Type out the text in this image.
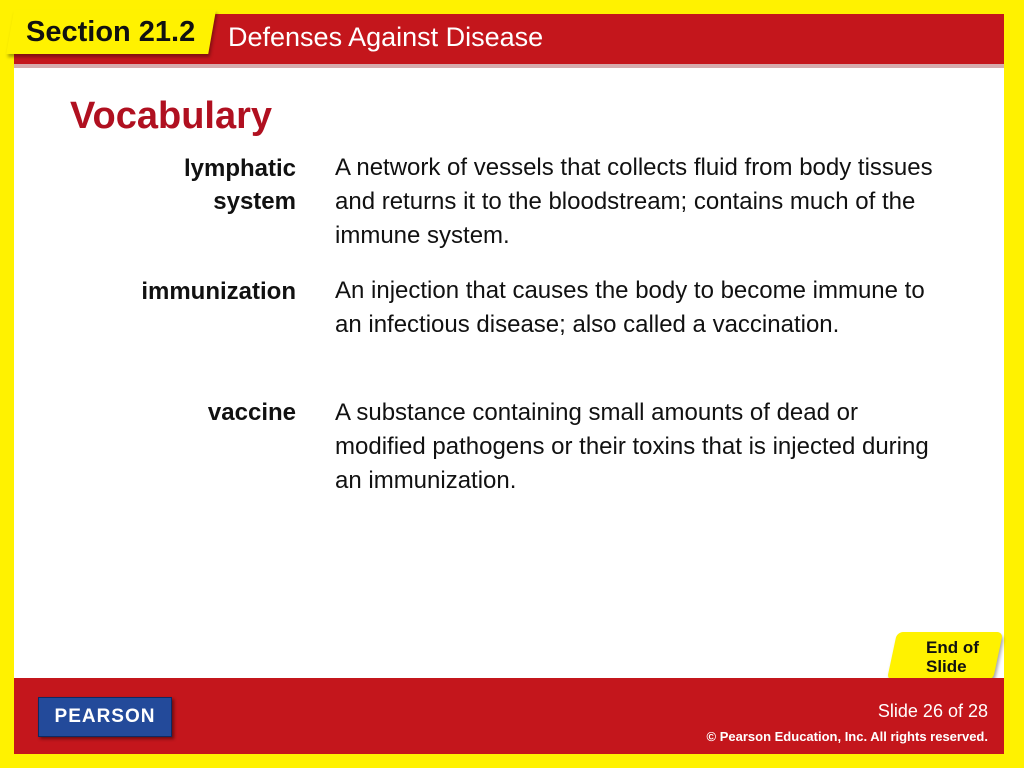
Section 21.2 Defenses Against Disease
Vocabulary
lymphatic
system
A network of vessels that collects fluid from body tissues and returns it to the bloodstream; contains much of the immune system.
immunization An injection that causes the body to become immune to an infectious disease; also called a vaccination.
vaccine A substance containing small amounts of dead or modified pathogens or their toxins that is injected during an immunization.
End of
Slide
PEARSON	Slide 26 of 28
© Pearson Education, Inc. All rights reserved.
